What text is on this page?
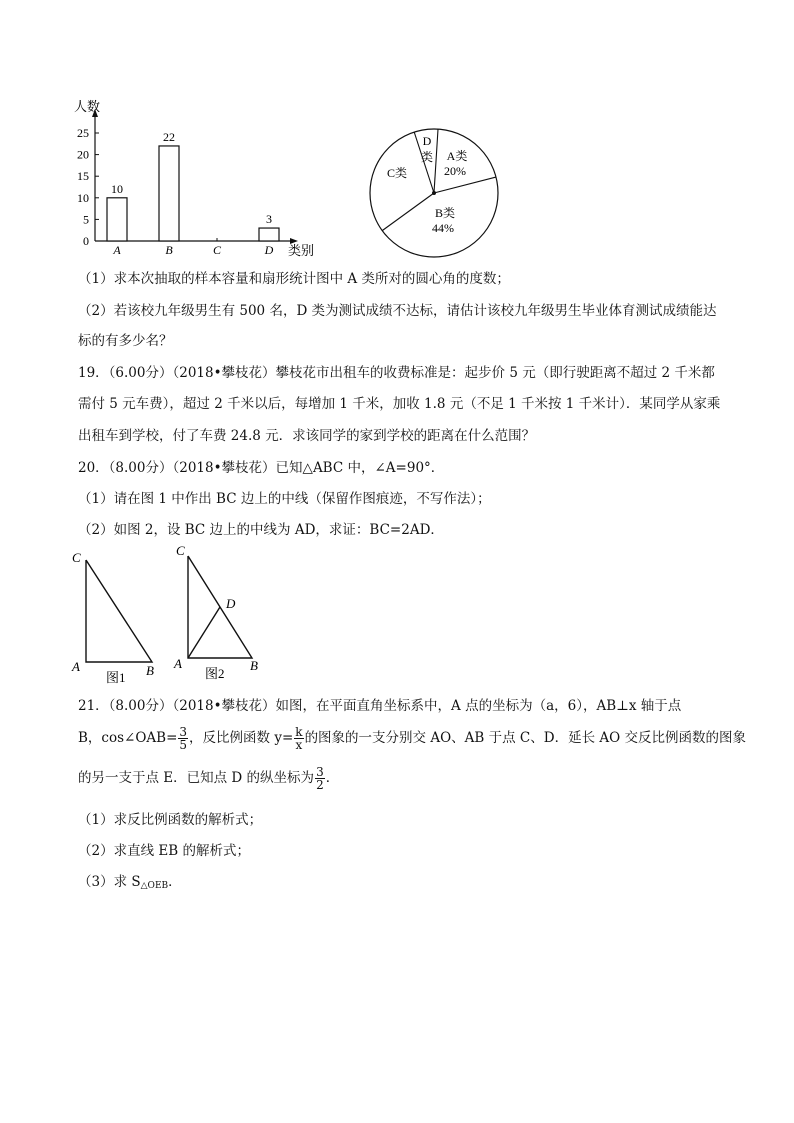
人数
类别
0
5
10
15
20
25
A
10
B
22
C	D
3
D
类 A类
20%
B类
44%
C类
（1）求本次抽取的样本容量和扇形统计图中 A 类所对的圆心角的度数；
（2）若该校九年级男生有 500 名，D 类为测试成绩不达标，请估计该校九年级男生毕业体育测试成绩能达
标的有多少名？
19．（6.00分）（2018•攀枝花）攀枝花市出租车的收费标准是：起步价 5 元（即行驶距离不超过 2 千米都
需付 5 元车费），超过 2 千米以后，每增加 1 千米，加收 1.8 元（不足 1 千米按 1 千米计）．某同学从家乘
出租车到学校，付了车费 24.8 元．求该同学的家到学校的距离在什么范围？
20．（8.00分）（2018•攀枝花）已知△ABC 中，∠A=90°．
（1）请在图 1 中作出 BC 边上的中线（保留作图痕迹，不写作法）；
（2）如图 2，设 BC 边上的中线为 AD，求证：BC=2AD．
C
A	B
图1
C
D
A	B
图2
21．（8.00分）（2018•攀枝花）如图，在平面直角坐标系中，A 点的坐标为（a，6），AB⊥x 轴于点
B，cos∠OAB= $\frac{3}{5}$ ，反比例函数 $y= \frac{k}{x}$ 的图象的一支分别交 AO、AB 于点 C、D．延长 AO 交反比例函数的图象
的另一支于点 E．已知点 D 的纵坐标为 $\frac{3}{2}$ ．
（1）求反比例函数的解析式；
（2）求直线 EB 的解析式；
（3）求 $S_{\triangle OEB}$．
